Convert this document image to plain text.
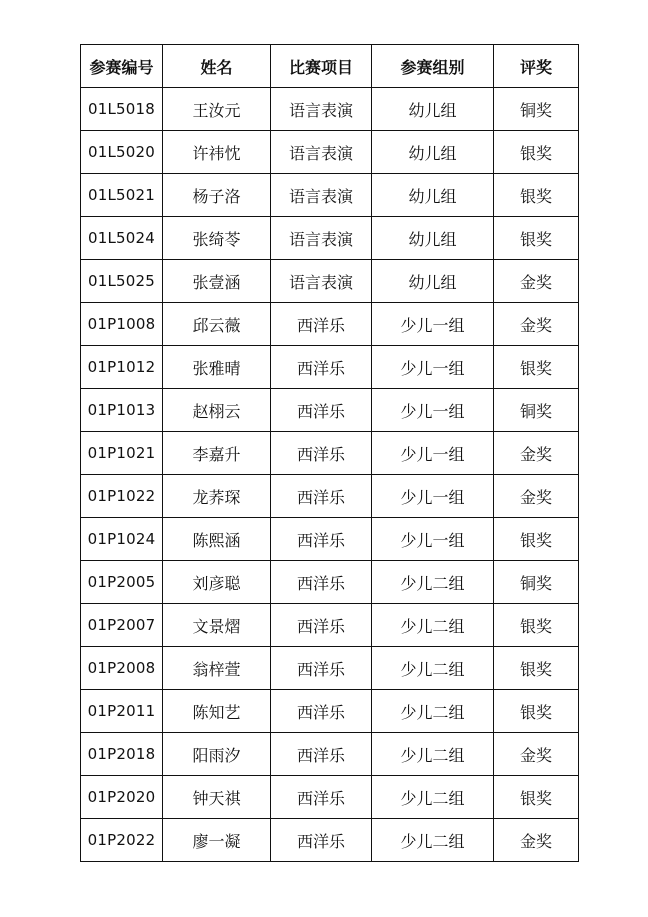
参赛编号	姓名	比赛项目	参赛组别	评奖
01L5018	王汝元	语言表演	幼儿组	铜奖
01L5020	许祎忱	语言表演	幼儿组	银奖
01L5021	杨子洛	语言表演	幼儿组	银奖
01L5024	张绮苓	语言表演	幼儿组	银奖
01L5025	张壹涵	语言表演	幼儿组	金奖
01P1008	邱云薇	西洋乐	少儿一组	金奖
01P1012	张雅晴	西洋乐	少儿一组	银奖
01P1013	赵栩云	西洋乐	少儿一组	铜奖
01P1021	李嘉升	西洋乐	少儿一组	金奖
01P1022	龙荞琛	西洋乐	少儿一组	金奖
01P1024	陈熙涵	西洋乐	少儿一组	银奖
01P2005	刘彦聪	西洋乐	少儿二组	铜奖
01P2007	文景熠	西洋乐	少儿二组	银奖
01P2008	翁梓萱	西洋乐	少儿二组	银奖
01P2011	陈知艺	西洋乐	少儿二组	银奖
01P2018	阳雨汐	西洋乐	少儿二组	金奖
01P2020	钟天祺	西洋乐	少儿二组	银奖
01P2022	廖一凝	西洋乐	少儿二组	金奖
